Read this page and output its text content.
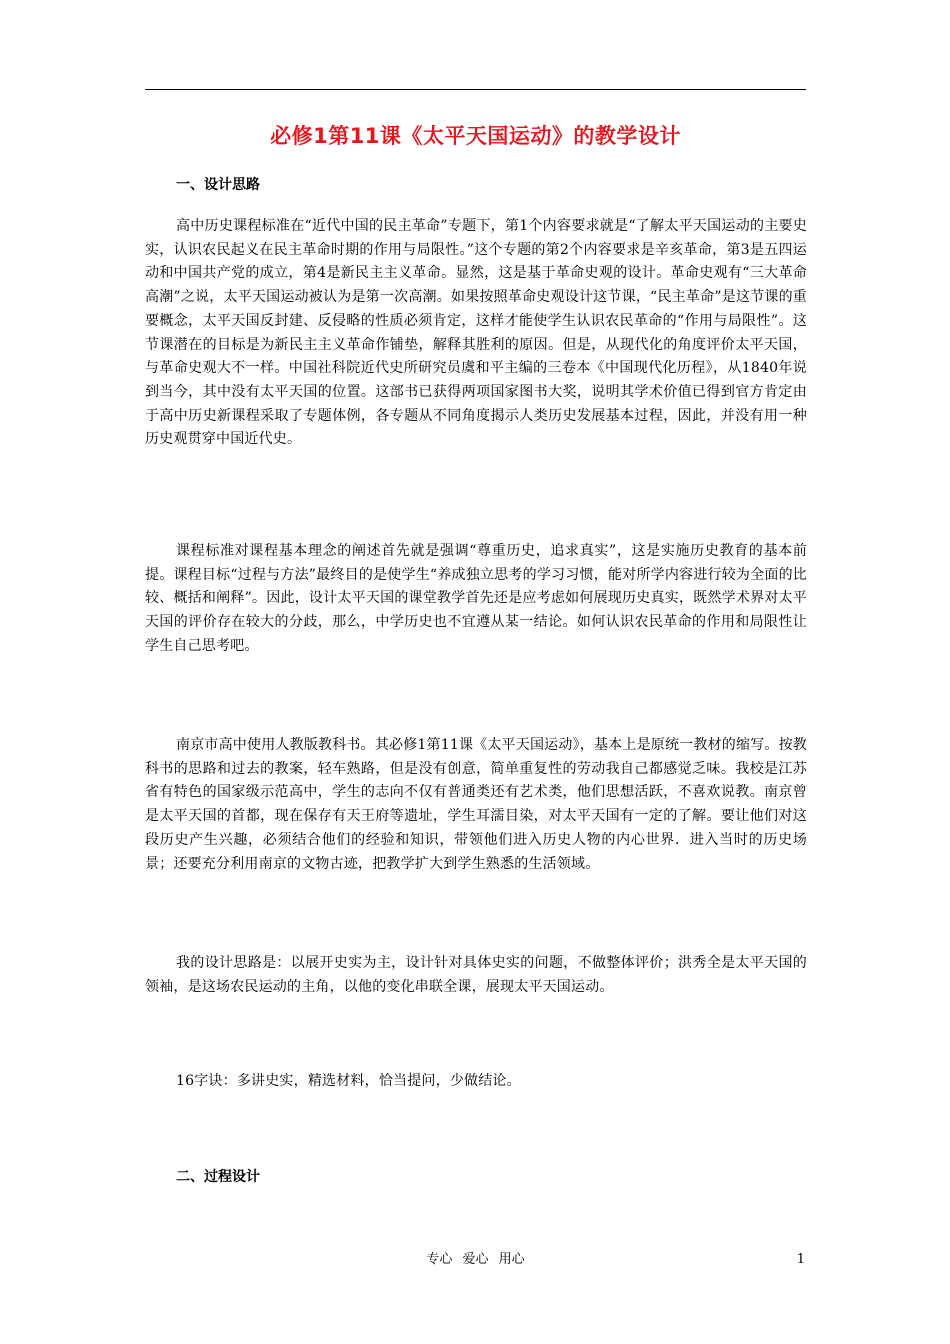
必修1第11课《太平天国运动》的教学设计

一、设计思路

高中历史课程标准在“近代中国的民主革命”专题下，第1个内容要求就是“了解太平天国运动的主要史实，认识农民起义在民主革命时期的作用与局限性。”这个专题的第2个内容要求是辛亥革命，第3是五四运动和中国共产党的成立，第4是新民主主义革命。显然，这是基于革命史观的设计。革命史观有“三大革命高潮”之说，太平天国运动被认为是第一次高潮。如果按照革命史观设计这节课，“民主革命”是这节课的重要概念，太平天国反封建、反侵略的性质必须肯定，这样才能使学生认识农民革命的“作用与局限性”。这节课潜在的目标是为新民主主义革命作铺垫，解释其胜利的原因。但是，从现代化的角度评价太平天国，与革命史观大不一样。中国社科院近代史所研究员虞和平主编的三卷本《中国现代化历程》，从1840年说到当今，其中没有太平天国的位置。这部书已获得两项国家图书大奖，说明其学术价值已得到官方肯定由于高中历史新课程采取了专题体例，各专题从不同角度揭示人类历史发展基本过程，因此，并没有用一种历史观贯穿中国近代史。

课程标准对课程基本理念的阐述首先就是强调“尊重历史，追求真实”，这是实施历史教育的基本前提。课程目标“过程与方法”最终目的是使学生“养成独立思考的学习习惯，能对所学内容进行较为全面的比较、概括和阐释”。因此，设计太平天国的课堂教学首先还是应考虑如何展现历史真实，既然学术界对太平天国的评价存在较大的分歧，那么，中学历史也不宜遵从某一结论。如何认识农民革命的作用和局限性让学生自己思考吧。

南京市高中使用人教版教科书。其必修1第11课《太平天国运动》，基本上是原统一教材的缩写。按教科书的思路和过去的教案，轻车熟路，但是没有创意，简单重复性的劳动我自己都感觉乏味。我校是江苏省有特色的国家级示范高中，学生的志向不仅有普通类还有艺术类，他们思想活跃，不喜欢说教。南京曾是太平天国的首都，现在保存有天王府等遗址，学生耳濡目染，对太平天国有一定的了解。要让他们对这段历史产生兴趣，必须结合他们的经验和知识，带领他们进入历史人物的内心世界．进入当时的历史场景；还要充分利用南京的文物古迹，把教学扩大到学生熟悉的生活领域。

我的设计思路是：以展开史实为主，设计针对具体史实的问题，不做整体评价；洪秀全是太平天国的领袖，是这场农民运动的主角，以他的变化串联全课，展现太平天国运动。

16字诀：多讲史实，精选材料，恰当提问，少做结论。

二、过程设计

专心 爱心 用心	1
